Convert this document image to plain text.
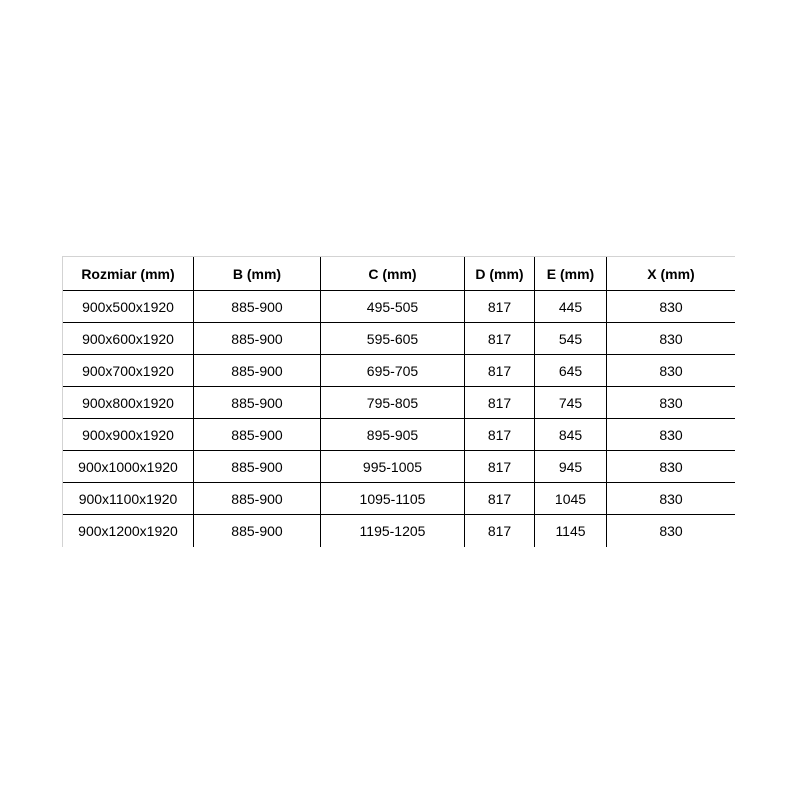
Rozmiar (mm)	B (mm)	C (mm)	D (mm)	E (mm)	X (mm)
900x500x1920	885-900	495-505	817	445	830
900x600x1920	885-900	595-605	817	545	830
900x700x1920	885-900	695-705	817	645	830
900x800x1920	885-900	795-805	817	745	830
900x900x1920	885-900	895-905	817	845	830
900x1000x1920	885-900	995-1005	817	945	830
900x1100x1920	885-900	1095-1105	817	1045	830
900x1200x1920	885-900	1195-1205	817	1145	830
